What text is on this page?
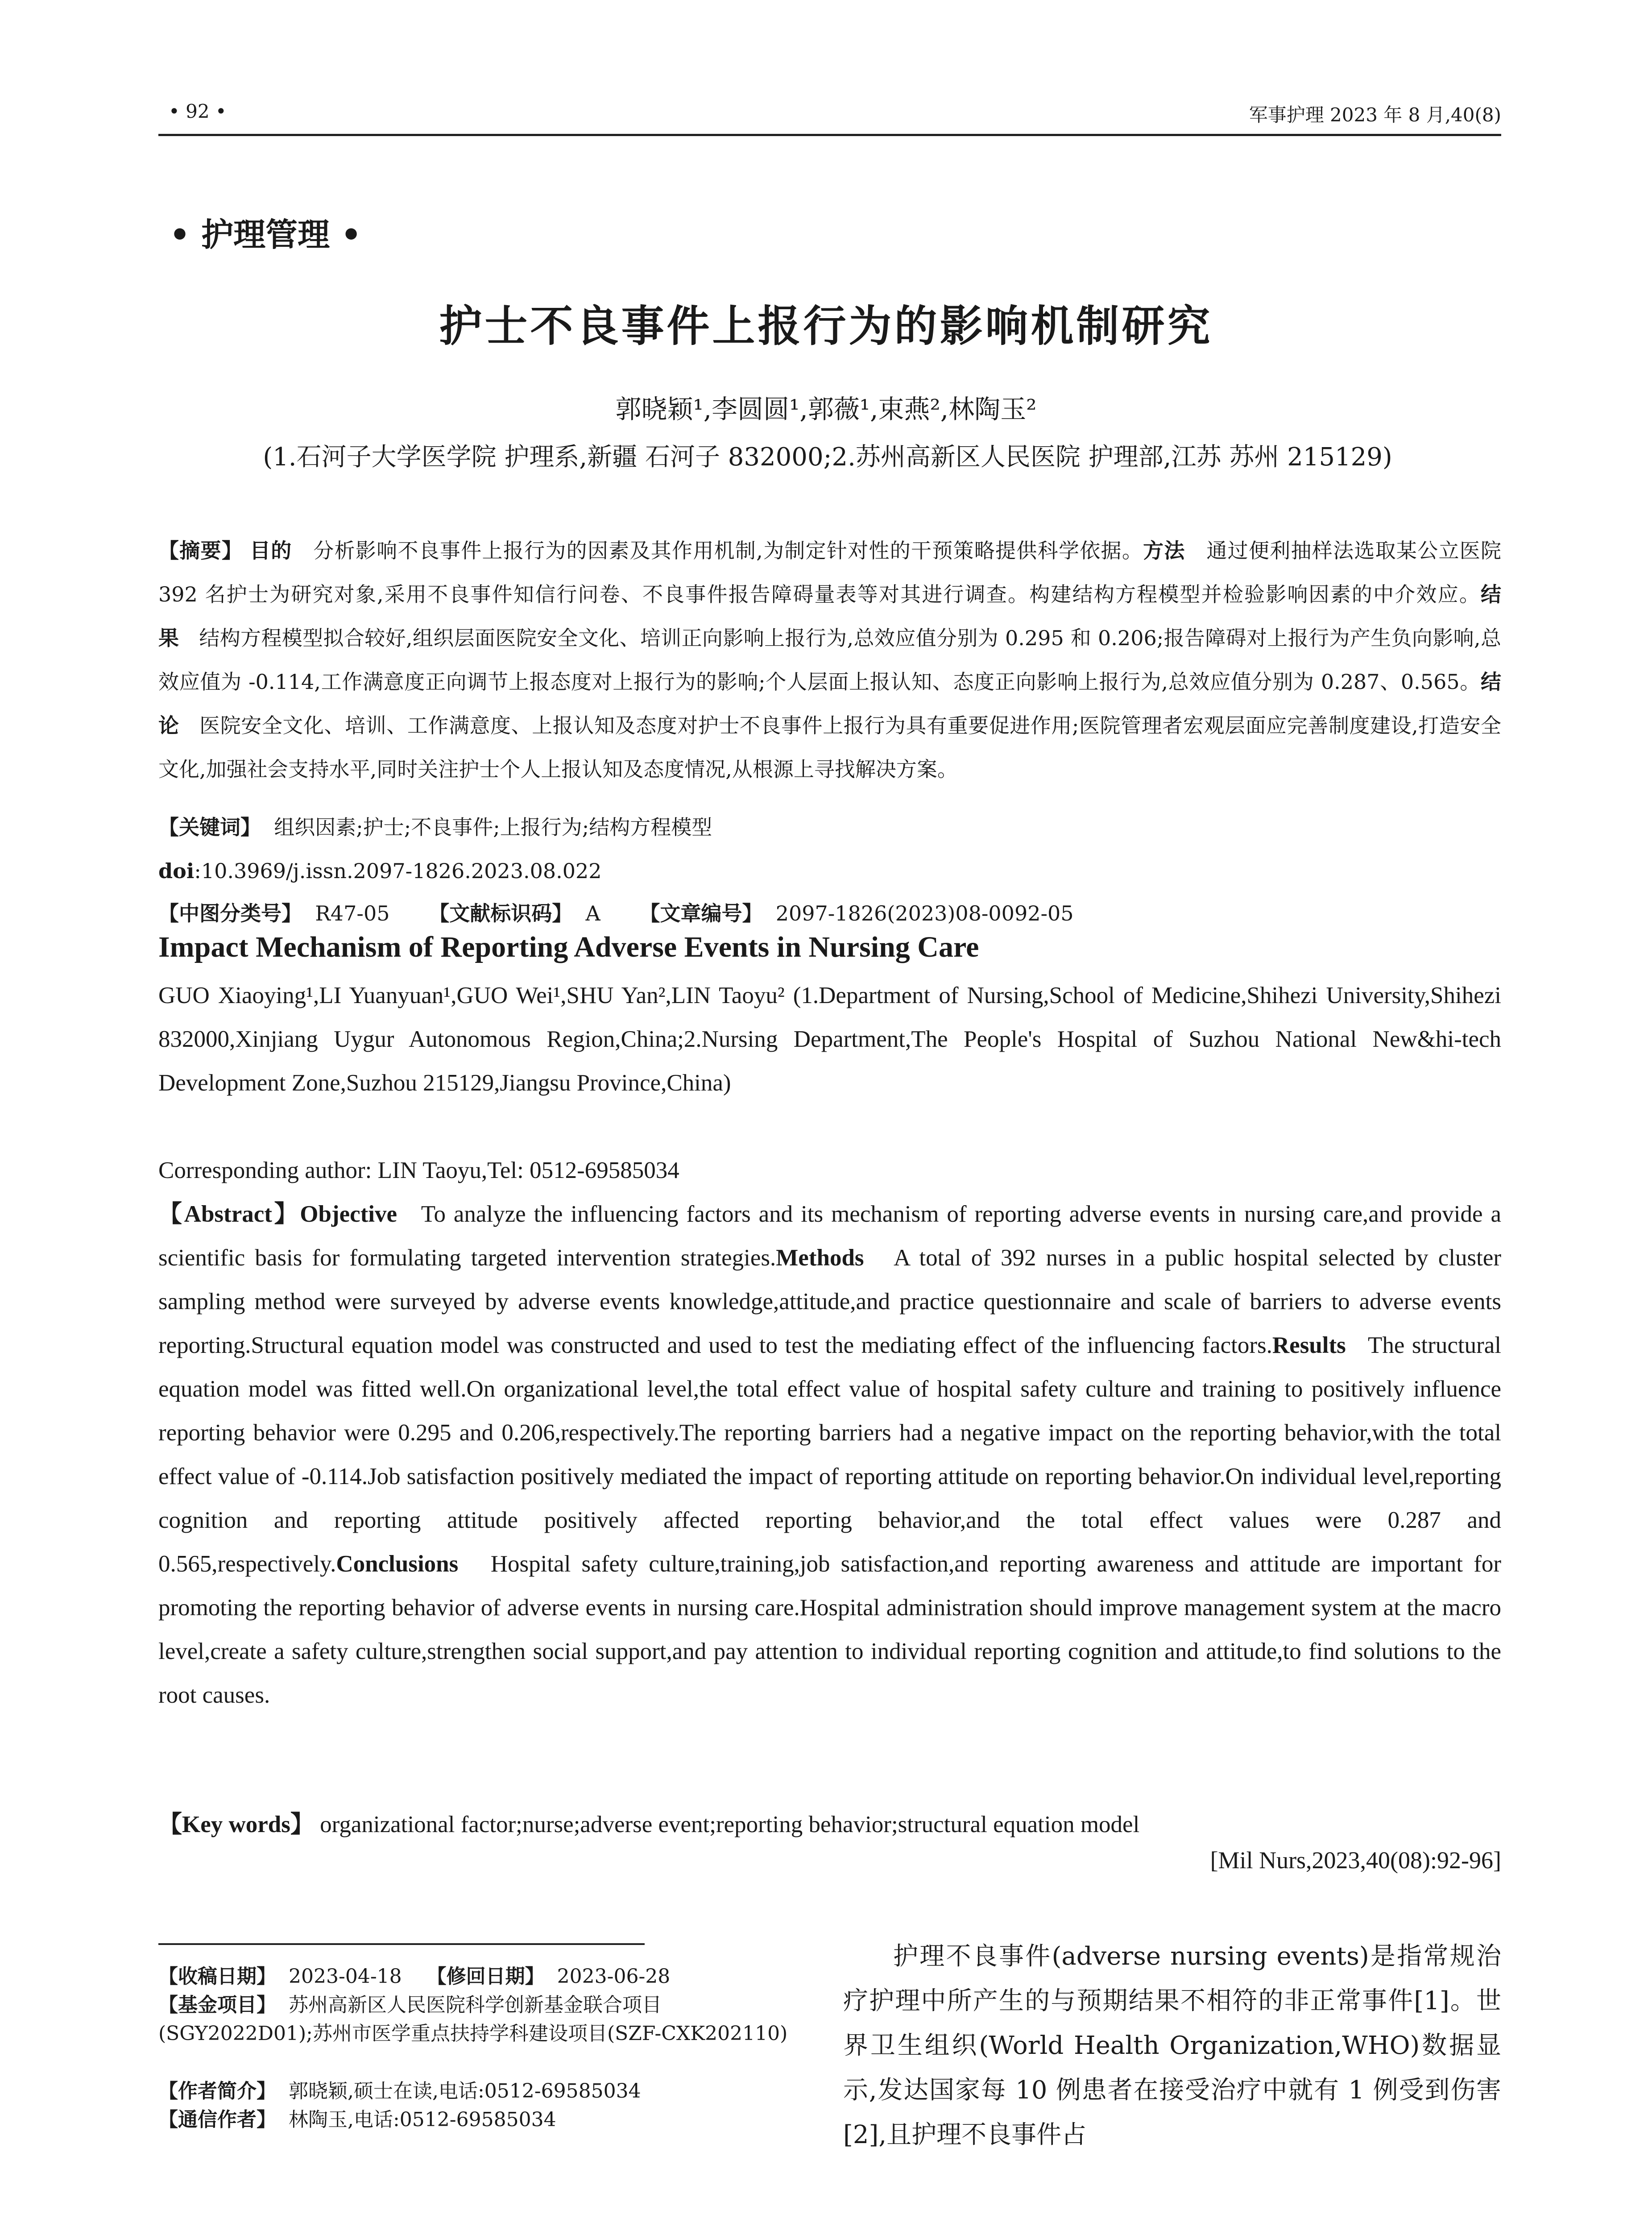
• 92 •	军事护理 2023 年 8 月,40(8)
• 护理管理 •
护士不良事件上报行为的影响机制研究
郭晓颖¹,李圆圆¹,郭薇¹,束燕²,林陶玉²
(1.石河子大学医学院 护理系,新疆 石河子 832000;2.苏州高新区人民医院 护理部,江苏 苏州 215129)
【摘要】 目的 分析影响不良事件上报行为的因素及其作用机制,为制定针对性的干预策略提供科学依据。方法 通过便利抽样法选取某公立医院 392 名护士为研究对象,采用不良事件知信行问卷、不良事件报告障碍量表等对其进行调查。构建结构方程模型并检验影响因素的中介效应。结果 结构方程模型拟合较好,组织层面医院安全文化、培训正向影响上报行为,总效应值分别为 0.295 和 0.206;报告障碍对上报行为产生负向影响,总效应值为 -0.114,工作满意度正向调节上报态度对上报行为的影响;个人层面上报认知、态度正向影响上报行为,总效应值分别为 0.287、0.565。结论 医院安全文化、培训、工作满意度、上报认知及态度对护士不良事件上报行为具有重要促进作用;医院管理者宏观层面应完善制度建设,打造安全文化,加强社会支持水平,同时关注护士个人上报认知及态度情况,从根源上寻找解决方案。
【关键词】 组织因素;护士;不良事件;上报行为;结构方程模型
doi:10.3969/j.issn.2097-1826.2023.08.022
【中图分类号】 R47-05 【文献标识码】 A 【文章编号】 2097-1826(2023)08-0092-05
Impact Mechanism of Reporting Adverse Events in Nursing Care
GUO Xiaoying¹,LI Yuanyuan¹,GUO Wei¹,SHU Yan²,LIN Taoyu² (1.Department of Nursing,School of Medicine,Shihezi University,Shihezi 832000,Xinjiang Uygur Autonomous Region,China;2.Nursing Department,The People's Hospital of Suzhou National New&hi-tech Development Zone,Suzhou 215129,Jiangsu Province,China)
Corresponding author: LIN Taoyu,Tel: 0512-69585034
【Abstract】Objective To analyze the influencing factors and its mechanism of reporting adverse events in nursing care,and provide a scientific basis for formulating targeted intervention strategies.Methods A total of 392 nurses in a public hospital selected by cluster sampling method were surveyed by adverse events knowledge,attitude,and practice questionnaire and scale of barriers to adverse events reporting.Structural equation model was constructed and used to test the mediating effect of the influencing factors.Results The structural equation model was fitted well.On organizational level,the total effect value of hospital safety culture and training to positively influence reporting behavior were 0.295 and 0.206,respectively.The reporting barriers had a negative impact on the reporting behavior,with the total effect value of -0.114.Job satisfaction positively mediated the impact of reporting attitude on reporting behavior.On individual level,reporting cognition and reporting attitude positively affected reporting behavior,and the total effect values were 0.287 and 0.565,respectively.Conclusions Hospital safety culture,training,job satisfaction,and reporting awareness and attitude are important for promoting the reporting behavior of adverse events in nursing care.Hospital administration should improve management system at the macro level,create a safety culture,strengthen social support,and pay attention to individual reporting cognition and attitude,to find solutions to the root causes.
【Key words】 organizational factor;nurse;adverse event;reporting behavior;structural equation model
[Mil Nurs,2023,40(08):92-96]
【收稿日期】 2023-04-18 【修回日期】 2023-06-28
【基金项目】 苏州高新区人民医院科学创新基金联合项目(SGY2022D01);苏州市医学重点扶持学科建设项目(SZF-CXK202110)
【作者简介】 郭晓颖,硕士在读,电话:0512-69585034
【通信作者】 林陶玉,电话:0512-69585034
护理不良事件(adverse nursing events)是指常规治疗护理中所产生的与预期结果不相符的非正常事件[1]。世界卫生组织(World Health Organization,WHO)数据显示,发达国家每 10 例患者在接受治疗中就有 1 例受到伤害[2],且护理不良事件占
